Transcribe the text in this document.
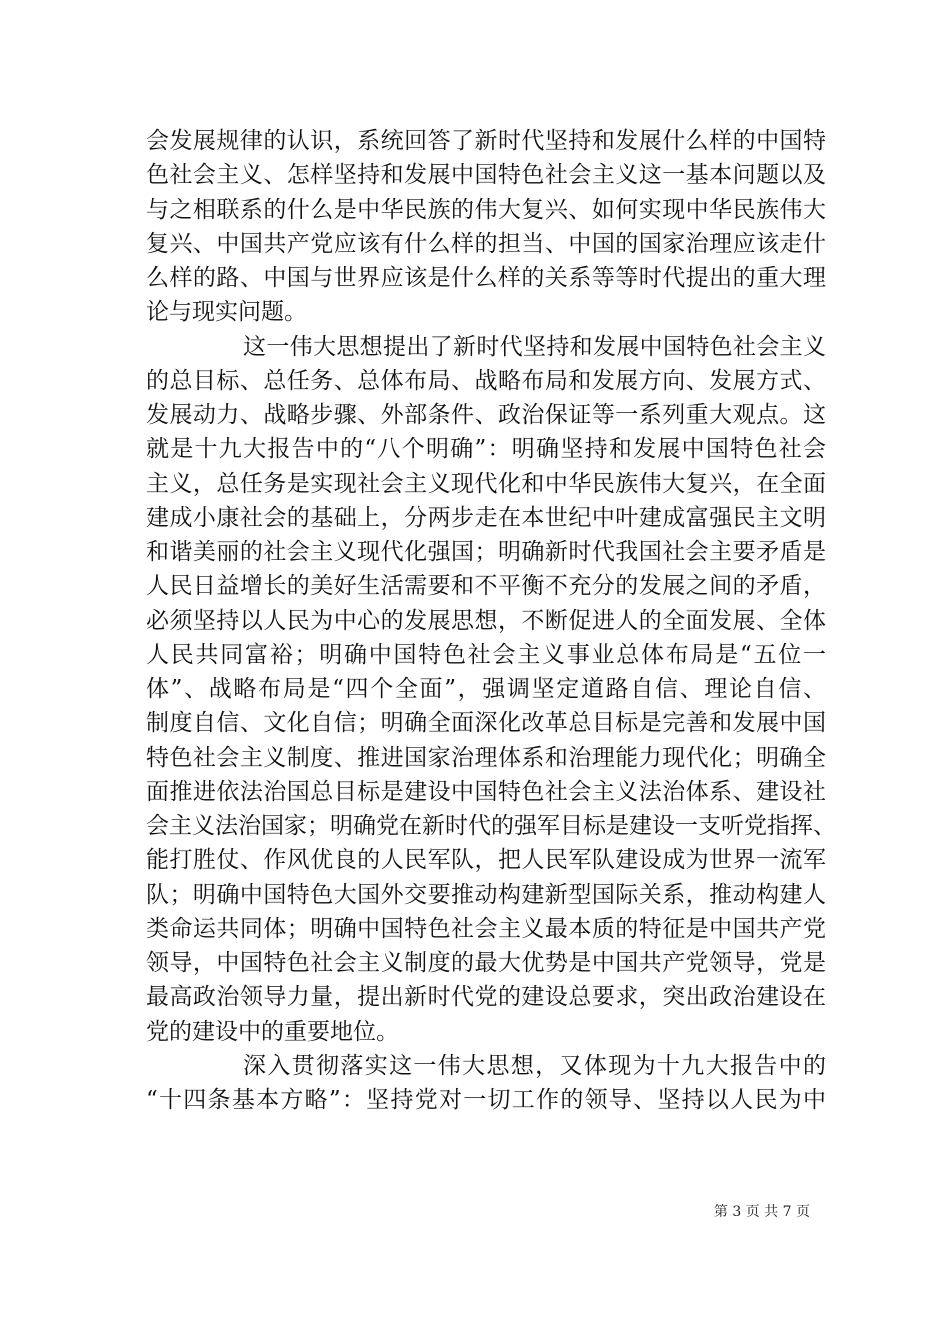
会发展规律的认识，系统回答了新时代坚持和发展什么样的中国特
色社会主义、怎样坚持和发展中国特色社会主义这一基本问题以及
与之相联系的什么是中华民族的伟大复兴、如何实现中华民族伟大
复兴、中国共产党应该有什么样的担当、中国的国家治理应该走什
么样的路、中国与世界应该是什么样的关系等等时代提出的重大理
论与现实问题。
这一伟大思想提出了新时代坚持和发展中国特色社会主义
的总目标、总任务、总体布局、战略布局和发展方向、发展方式、
发展动力、战略步骤、外部条件、政治保证等一系列重大观点。这
就是十九大报告中的“八个明确”：明确坚持和发展中国特色社会
主义，总任务是实现社会主义现代化和中华民族伟大复兴，在全面
建成小康社会的基础上，分两步走在本世纪中叶建成富强民主文明
和谐美丽的社会主义现代化强国；明确新时代我国社会主要矛盾是
人民日益增长的美好生活需要和不平衡不充分的发展之间的矛盾，
必须坚持以人民为中心的发展思想，不断促进人的全面发展、全体
人民共同富裕；明确中国特色社会主义事业总体布局是“五位一
体”、战略布局是“四个全面”，强调坚定道路自信、理论自信、
制度自信、文化自信；明确全面深化改革总目标是完善和发展中国
特色社会主义制度、推进国家治理体系和治理能力现代化；明确全
面推进依法治国总目标是建设中国特色社会主义法治体系、建设社
会主义法治国家；明确党在新时代的强军目标是建设一支听党指挥、
能打胜仗、作风优良的人民军队，把人民军队建设成为世界一流军
队；明确中国特色大国外交要推动构建新型国际关系，推动构建人
类命运共同体；明确中国特色社会主义最本质的特征是中国共产党
领导，中国特色社会主义制度的最大优势是中国共产党领导，党是
最高政治领导力量，提出新时代党的建设总要求，突出政治建设在
党的建设中的重要地位。
深入贯彻落实这一伟大思想，又体现为十九大报告中的
“十四条基本方略”：坚持党对一切工作的领导、坚持以人民为中
第 3 页 共 7 页
